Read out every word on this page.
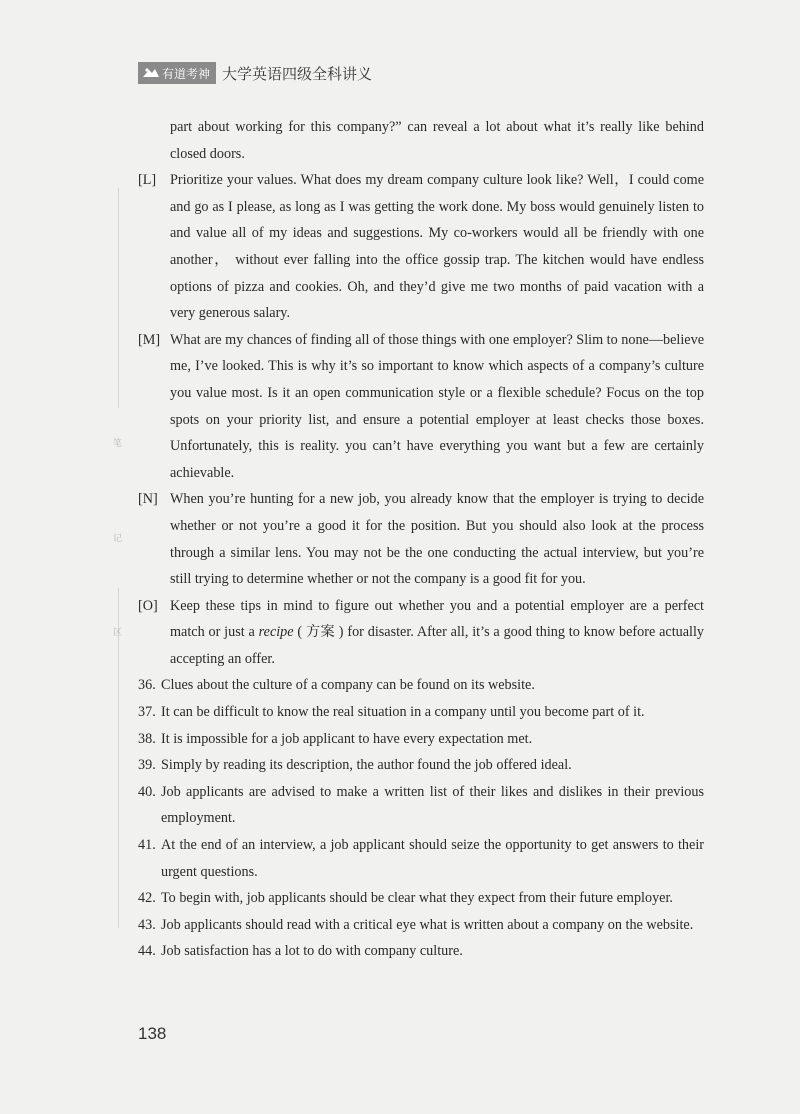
有道考神 大学英语四级全科讲义
笔
记
区
part about working for this company?” can reveal a lot about what it’s really like behind closed doors.
[L] Prioritize your values. What does my dream company culture look like? Well，I could come and go as I please, as long as I was getting the work done. My boss would genuinely listen to and value all of my ideas and suggestions. My co-workers would all be friendly with one another， without ever falling into the office gossip trap. The kitchen would have endless options of pizza and cookies. Oh, and they’d give me two months of paid vacation with a very generous salary.
[M] What are my chances of finding all of those things with one employer? Slim to none—believe me, I’ve looked. This is why it’s so important to know which aspects of a company’s culture you value most. Is it an open communication style or a flexible schedule? Focus on the top spots on your priority list, and ensure a potential employer at least checks those boxes. Unfortunately, this is reality. you can’t have everything you want but a few are certainly achievable.
[N] When you’re hunting for a new job, you already know that the employer is trying to decide whether or not you’re a good it for the position. But you should also look at the process through a similar lens. You may not be the one conducting the actual interview, but you’re still trying to determine whether or not the company is a good fit for you.
[O] Keep these tips in mind to figure out whether you and a potential employer are a perfect match or just a recipe ( 方案 ) for disaster. After all, it’s a good thing to know before actually accepting an offer.
36. Clues about the culture of a company can be found on its website.
37. It can be difficult to know the real situation in a company until you become part of it.
38. It is impossible for a job applicant to have every expectation met.
39. Simply by reading its description, the author found the job offered ideal.
40. Job applicants are advised to make a written list of their likes and dislikes in their previous employment.
41. At the end of an interview, a job applicant should seize the opportunity to get answers to their urgent questions.
42. To begin with, job applicants should be clear what they expect from their future employer.
43. Job applicants should read with a critical eye what is written about a company on the website.
44. Job satisfaction has a lot to do with company culture.
138
